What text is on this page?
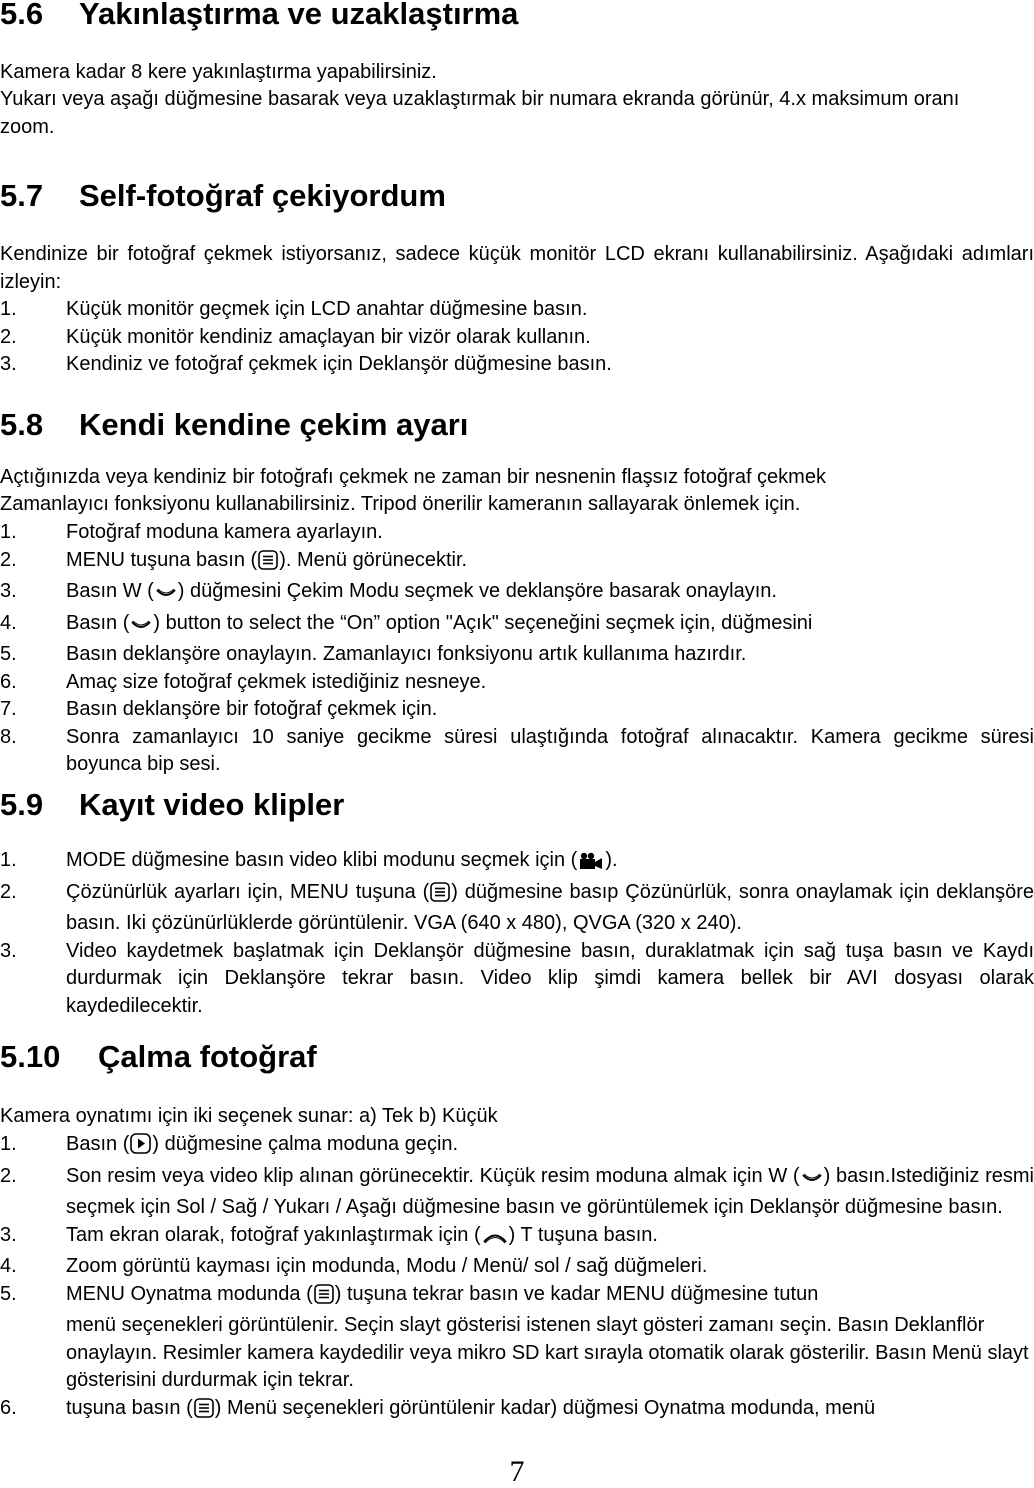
5.6	Yakınlaştırma ve uzaklaştırma

Kamera kadar 8 kere yakınlaştırma yapabilirsiniz.

Yukarı veya aşağı düğmesine basarak veya uzaklaştırmak bir numara ekranda görünür, 4.x maksimum oranı zoom.

5.7	Self-fotoğraf çekiyordum

Kendinize bir fotoğraf çekmek istiyorsanız, sadece küçük monitör LCD ekranı kullanabilirsiniz. Aşağıdaki adımları izleyin:

1.	Küçük monitör geçmek için LCD anahtar düğmesine basın.
2.	Küçük monitör kendiniz amaçlayan bir vizör olarak kullanın.
3.	Kendiniz ve fotoğraf çekmek için Deklanşör düğmesine basın.
5.8	Kendi kendine çekim ayarı

Açtığınızda veya kendiniz bir fotoğrafı çekmek ne zaman bir nesnenin flaşsız fotoğraf çekmek

Zamanlayıcı fonksiyonu kullanabilirsiniz. Tripod önerilir kameranın sallayarak önlemek için.

1.	Fotoğraf moduna kamera ayarlayın.
2.	MENU tuşuna basın ( ). Menü görünecektir.
3.	Basın W ( ) düğmesini Çekim Modu seçmek ve deklanşöre basarak onaylayın.
4.	Basın ( ) button to select the “On” option "Açık" seçeneğini seçmek için, düğmesini
5.	Basın deklanşöre onaylayın. Zamanlayıcı fonksiyonu artık kullanıma hazırdır.
6.	Amaç size fotoğraf çekmek istediğiniz nesneye.
7.	Basın deklanşöre bir fotoğraf çekmek için.
8.	Sonra zamanlayıcı 10 saniye gecikme süresi ulaştığında fotoğraf alınacaktır. Kamera gecikme süresi boyunca bip sesi.
5.9	Kayıt video klipler
1.	MODE düğmesine basın video klibi modunu seçmek için ( ).
2.	Çözünürlük ayarları için, MENU tuşuna ( ) düğmesine basıp Çözünürlük, sonra onaylamak için deklanşöre basın. Iki çözünürlüklerde görüntülenir. VGA (640 x 480), QVGA (320 x 240).
3.	Video kaydetmek başlatmak için Deklanşör düğmesine basın, duraklatmak için sağ tuşa basın ve Kaydı durdurmak için Deklanşöre tekrar basın. Video klip şimdi kamera bellek bir AVI dosyası olarak kaydedilecektir.
5.10	Çalma fotoğraf

Kamera oynatımı için iki seçenek sunar: a) Tek b) Küçük

1.	Basın ( ) düğmesine çalma moduna geçin.
2.	Son resim veya video klip alınan görünecektir. Küçük resim moduna almak için W ( ) basın.Istediğiniz resmi seçmek için Sol / Sağ / Yukarı / Aşağı düğmesine basın ve görüntülemek için Deklanşör düğmesine basın.
3.	Tam ekran olarak, fotoğraf yakınlaştırmak için ( ) T tuşuna basın.
4.	Zoom görüntü kayması için modunda, Modu / Menü/ sol / sağ düğmeleri.
5.	MENU Oynatma modunda ( ) tuşuna tekrar basın ve kadar MENU düğmesine tutun
menü seçenekleri görüntülenir. Seçin slayt gösterisi istenen slayt gösteri zamanı seçin. Basın Deklanflör onaylayın. Resimler kamera kaydedilir veya mikro SD kart sırayla otomatik olarak gösterilir. Basın Menü slayt gösterisini durdurmak için tekrar.
6.	tuşuna basın ( ) Menü seçenekleri görüntülenir kadar) düğmesi Oynatma modunda, menü
7
